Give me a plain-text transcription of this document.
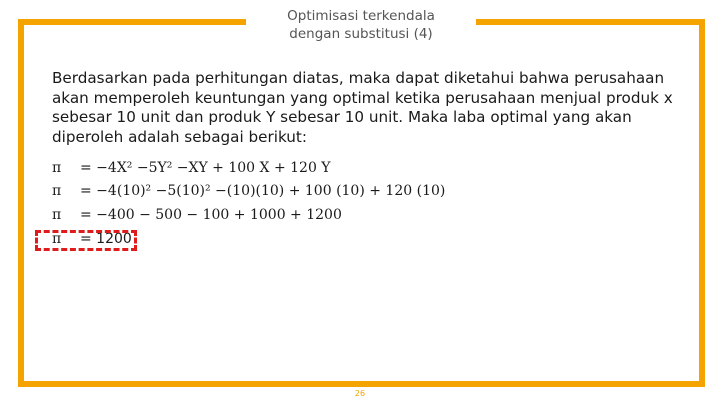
Optimisasi terkendala
dengan substitusi (4)
Berdasarkan pada perhitungan diatas, maka dapat diketahui bahwa perusahaan akan memperoleh keuntungan yang optimal ketika perusahaan menjual produk x sebesar 10 unit dan produk Y sebesar 10 unit. Maka laba optimal yang akan diperoleh adalah sebagai berikut:
π = −4X² −5Y² −XY + 100 X + 120 Y
π = −4(10)² −5(10)² −(10)(10) + 100 (10) + 120 (10)
π = −400 − 500 − 100 + 1000 + 1200
π = 1200
26
